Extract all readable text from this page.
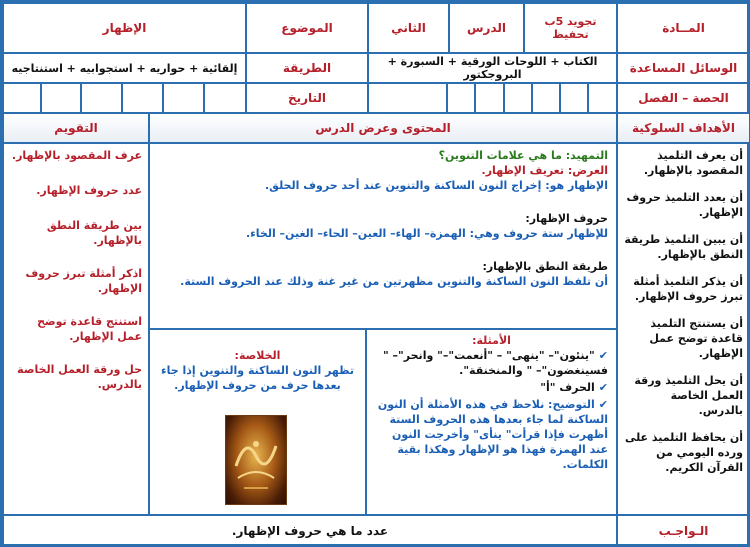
المــادة
تجويد 5ب تحفيظ
الدرس
الثاني
الموضوع
الإظهار
الوسائل المساعدة
الكتاب + اللوحات الورقية + السبورة + البروجكتور
الطريقة
إلقائية + حواريه + استجوابيه + استنتاجيه
الحصة – الفصل
التاريخ
الأهداف السلوكية
المحتوى وعرض الدرس
التقويم

أن يعرف التلميذ المقصود بالإظهار.

أن يعدد التلميذ حروف الإظهار.

أن يبين التلميذ طريقة النطق بالإظهار.

أن يذكر التلميذ أمثلة تبرز حروف الإظهار.

أن يستنتج التلميذ قاعدة توضح عمل الإظهار.

أن يحل التلميذ ورقة العمل الخاصة بالدرس.

أن يحافظ التلميذ على ورده اليومي من القرآن الكريم.

التمهيد: ما هي علامات التنوين؟

العرض: تعريف الإظهار.

الإظهار هو: إخراج النون الساكنة والتنوين عند أحد حروف الحلق.

حروف الإظهار:

للإظهار ستة حروف وهي: الهمزة– الهاء– العين– الحاء– الغين– الخاء.

طريقة النطق بالإظهار:

أن تلفظ النون الساكنة والتنوين مظهرتين من غير غنة وذلك عند الحروف الستة.

الأمثلة:

✔"ينئون"– "ينهى" – "أنعمت"–" وانحر"– " فسينغضون"– " والمنخنقة".

✔الحرف "أ"

✔التوضيح: نلاحظ في هذه الأمثلة أن النون الساكنة لما جاء بعدها هذه الحروف الستة أظهرت فإذا قرأت" ينأى" وأخرجت النون عند الهمزة فهذا هو الإظهار وهكذا بقية الكلمات.

الخلاصة:

تظهر النون الساكنة والتنوين إذا جاء بعدها حرف من حروف الإظهار.

عرف المقصود بالإظهار.

عدد حروف الإظهار.

بين طريقة النطق بالإظهار.

اذكر أمثلة تبرز حروف الإظهار.

استنتج قاعدة توضح عمل الإظهار.

حل ورقة العمل الخاصة بالدرس.

الـواجـب
عدد ما هي حروف الإظهار.
